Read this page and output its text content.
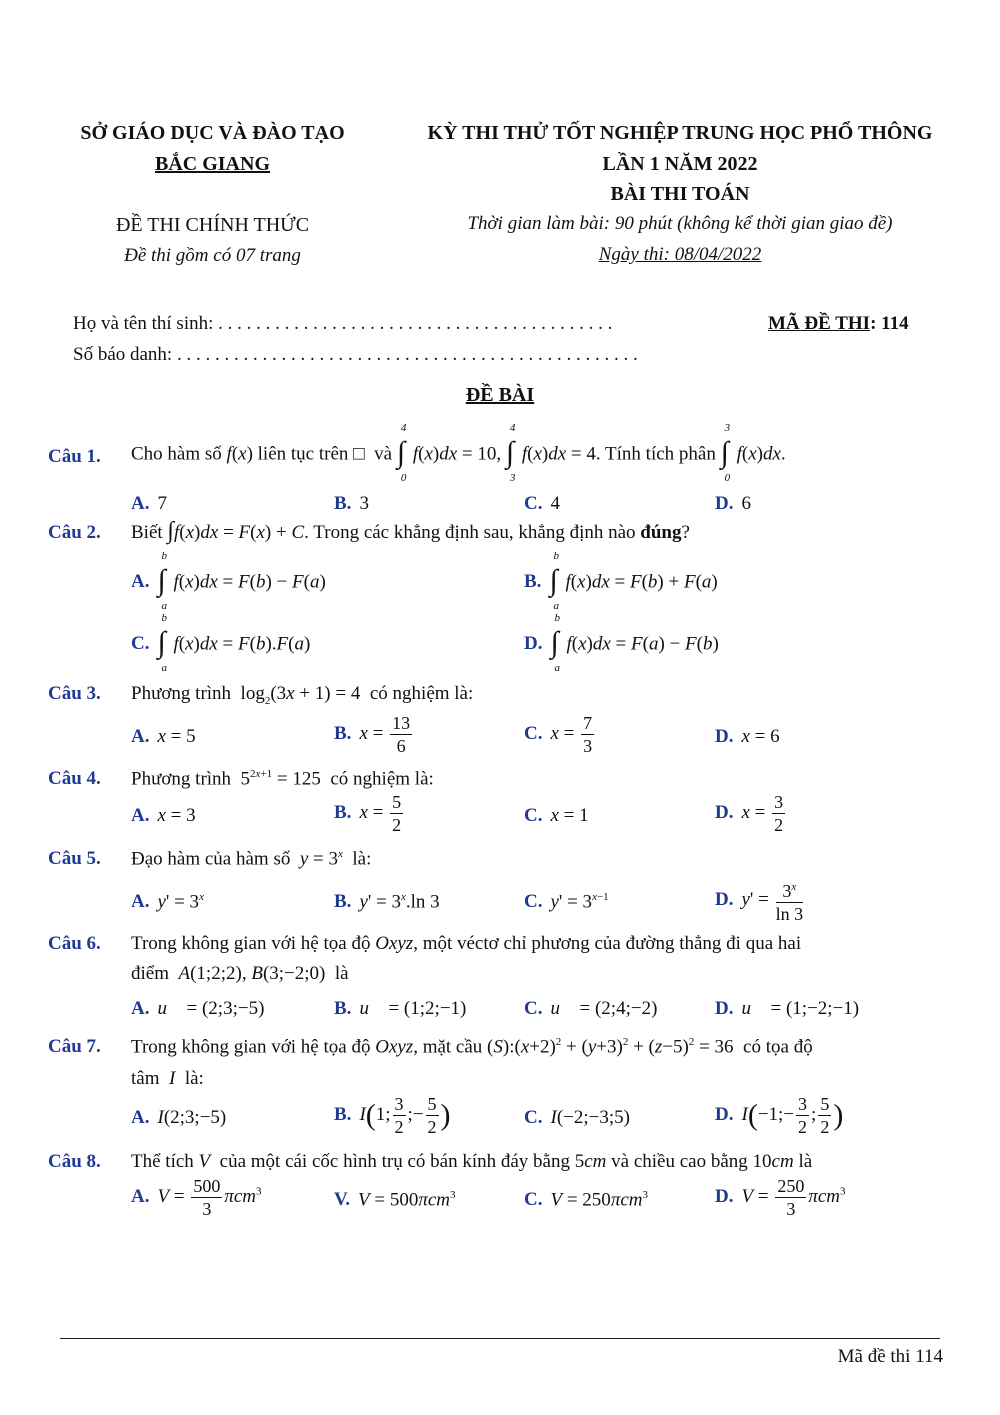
SỞ GIÁO DỤC VÀ ĐÀO TẠO
BẮC GIANG
ĐỀ THI CHÍNH THỨC
Đề thi gồm có 07 trang
KỲ THI THỬ TỐT NGHIỆP TRUNG HỌC PHỔ THÔNG
LẦN 1 NĂM 2022
BÀI THI TOÁN
Thời gian làm bài: 90 phút (không kể thời gian giao đề)
Ngày thi: 08/04/2022
Họ và tên thí sinh: . . . . . . . . . . . . . . . . . . . . . . . . . . . . . . . . . . . . . . . . . .
Số báo danh: . . . . . . . . . . . . . . . . . . . . . . . . . . . . . . . . . . . . . . . . . . . . . . . . .
MÃ ĐỀ THI: 114
ĐỀ BÀI
Câu 1. Cho hàm số f(x) liên tục trên □  và
4
∫
0
f(x)dx = 10,
4
∫
3
f(x)dx = 4. Tính tích phân
3
∫
0
f(x)dx.
A. 7	B. 3	C. 4	D. 6
Câu 2. Biết ∫f(x)dx = F(x) + C. Trong các khẳng định sau, khẳng định nào đúng?
A.
b
∫
a
f(x)dx = F(b) − F(a)	B.
b
∫
a
f(x)dx = F(b) + F(a)
C.
b
∫
a
f(x)dx = F(b).F(a)	D.
b
∫
a
f(x)dx = F(a) − F(b)
Câu 3. Phương trình  $\log_2(3x + 1) = 4$  có nghiệm là:
A. x = 5	B. $x = \frac{13}{6}$	C. $x = \frac{7}{3}$	D. x = 6
Câu 4. Phương trình  $5^{2x+1} = 125$  có nghiệm là:
A. x = 3	B. $x = \frac{5}{2}$	C. x = 1	D. $x = \frac{3}{2}$
Câu 5. Đạo hàm của hàm số $y = 3^x$ là:
A. $y' = 3^x$	B. $y' = 3^x.\ln$ 3	C. $y' = 3^{x-1}$	D. $y' = \frac{3^x}{\ln 3}$
Câu 6. Trong không gian với hệ tọa độ Oxyz, một véctơ chỉ phương của đường thẳng đi qua hai
điểm A(1;2;2), B(3;−2;0)  là
A. u⃗ = (2;3;−5)	B. u⃗ = (1;2;−1)	C. u⃗ = (2;4;−2)	D. u⃗ = (1;−2;−1)
Câu 7. Trong không gian với hệ tọa độ Oxyz, mặt cầu $(S):(x+2)^2 + (y+3)^2 + (z-5)^2 = 36$  có tọa độ
tâm I là:
A. I(2;3;−5)	B. I(1; $\frac{3}{2}$ ;− $\frac{5}{2}$ )	C. I(−2;−3;5)	D. I(−1;− $\frac{3}{2}$ ; $\frac{5}{2}$ )
Câu 8. Thể tích V của một cái cốc hình trụ có bán kính đáy bằng 5cm và chiều cao bằng 10cm là
A. $V = \frac{500}{3} \pi cm^3$	V. V = 500πcm$^3$	C. V = 250πcm$^3$	D. $V = \frac{250}{3} \pi cm^3$
Mã đề thi 114
